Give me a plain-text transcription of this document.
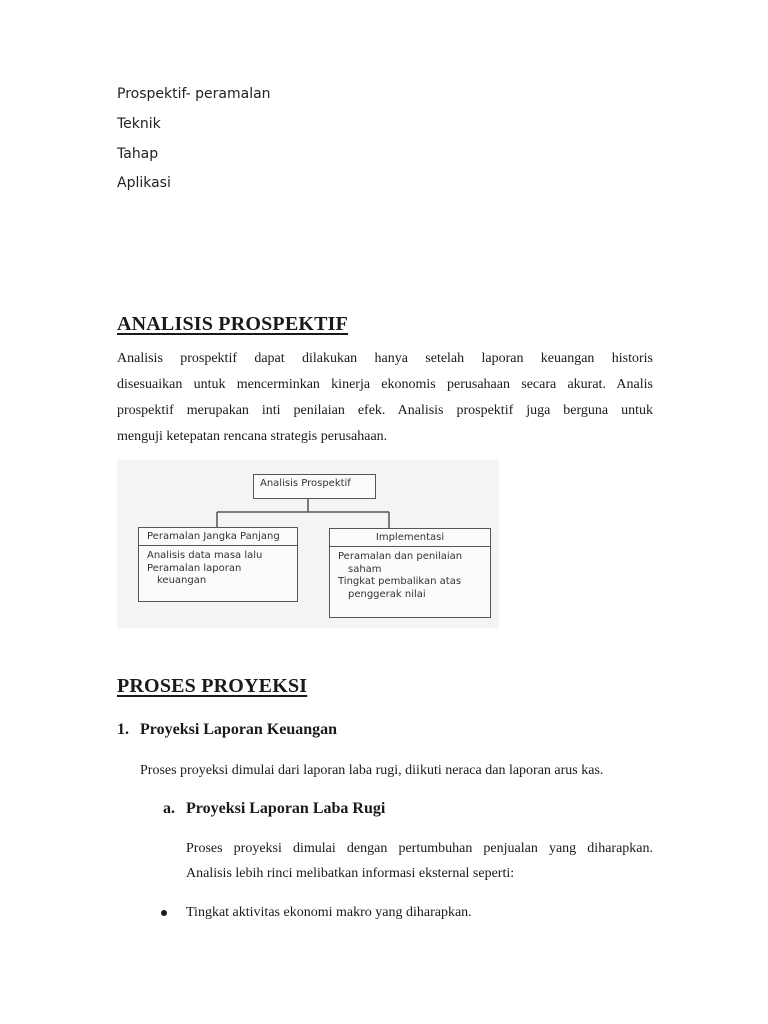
Prospektif- peramalan
Teknik
Tahap
Aplikasi
ANALISIS PROSPEKTIF
Analisis prospektif dapat dilakukan hanya setelah laporan keuangan historis
disesuaikan untuk mencerminkan kinerja ekonomis perusahaan secara akurat. Analis
prospektif merupakan inti penilaian efek. Analisis prospektif juga berguna untuk
menguji ketepatan rencana strategis perusahaan.
Analisis Prospektif
Peramalan Jangka Panjang
Analisis data masa lalu
Peramalan laporan
keuangan
Implementasi
Peramalan dan penilaian
saham
Tingkat pembalikan atas
penggerak nilai
PROSES PROYEKSI
1. Proyeksi Laporan Keuangan
Proses proyeksi dimulai dari laporan laba rugi, diikuti neraca dan laporan arus kas.
a. Proyeksi Laporan Laba Rugi
Proses proyeksi dimulai dengan pertumbuhan penjualan yang diharapkan.
Analisis lebih rinci melibatkan informasi eksternal seperti:
Tingkat aktivitas ekonomi makro yang diharapkan.
